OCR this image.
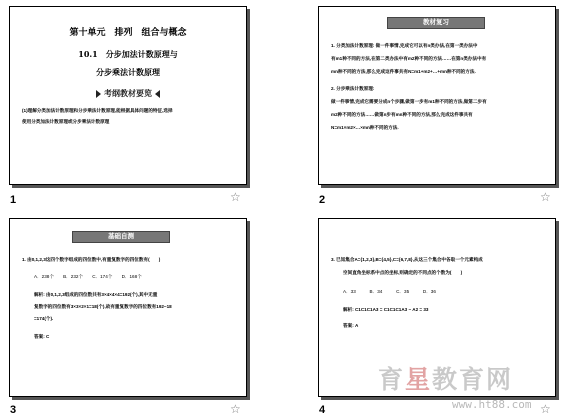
第十单元　排列　组合与概念
10.1　分步加法计数原理与
分步乘法计数原理
考纲教材要览
(1)理解分类加法计数原理和分步乘法计数原理,能根据具体问题的特征,选择
使用分类加法计数原理或分步乘法计数原理
1	☆
教材复习
1. 分类加法计数原理: 做一件事情,完成它可以有n类办法,在第一类办法中
有m1种不同的方法,在第二类办法中有m2种不同的方法……在第n类办法中有
mn种不同的方法,那么完成这件事共有N=m1+m2+…+mn种不同的方法.
2. 分步乘法计数原理:
做一件事情,完成它需要分成n个步骤,做第一步有m1种不同的方法,做第二步有
m2种不同的方法……做第n步有mn种不同的方法,那么完成这件事共有
N=m1×m2×…×mn种不同的方法.
2	☆
基础自测
1. 由0,1,2,3这四个数字组成的四位数中,有重复数字的四位数有(　　)
A．238个　　B．232个　　C．174个　　D．168个
解析: 由0,1,2,3组成的四位数共有3×4×4×4=192(个),其中无重
复数字的四位数有3×3×2×1=18(个),故有重复数字的四位数有192−18
=174(个).
答案: C
3	☆
3. 已知集合A={1,2,3},B={4,5},C={6,7,8},从这三个集合中各取一个元素构成
空间直角坐标系中点的坐标,则确定的不同点的个数为(　　)
A．33　　　B．34　　　C．35　　　D．36
解析: C1C1C1A3 = C1C1C1A3 − A2 = 33
答案: A
4	☆
育星教育网
www.ht88.com
